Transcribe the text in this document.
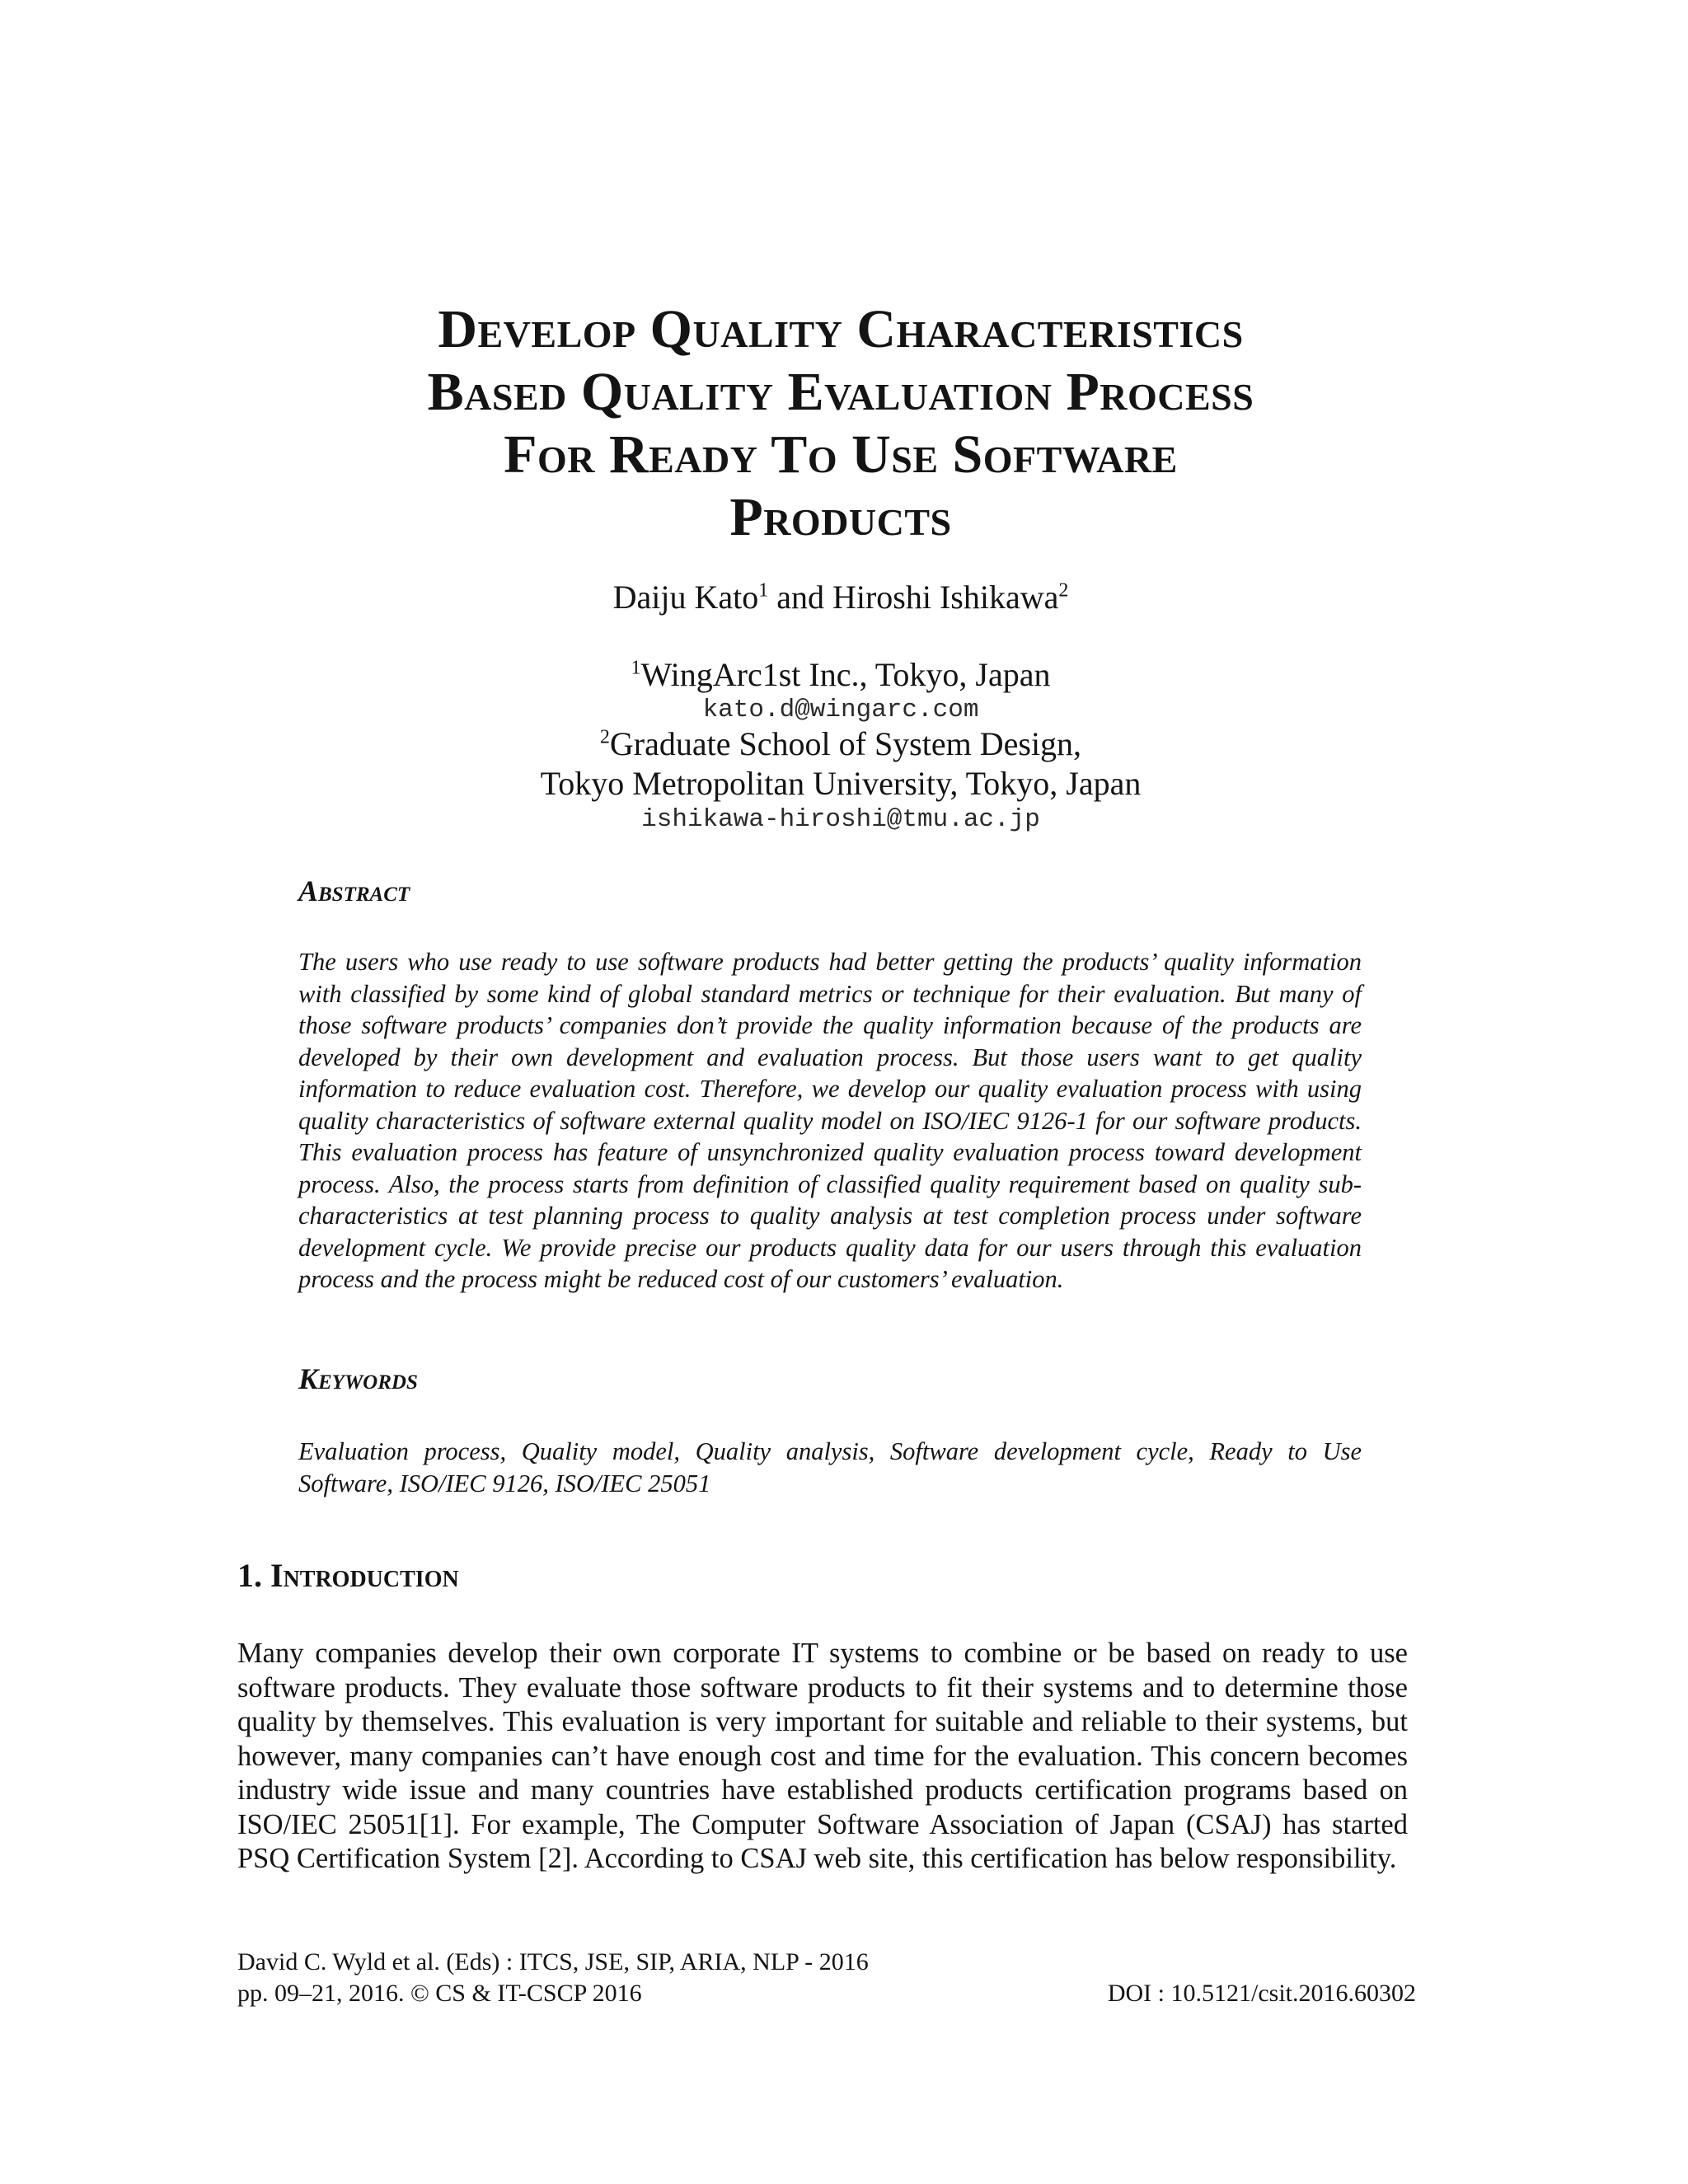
Develop Quality Characteristics
Based Quality Evaluation Process
For Ready To Use Software
Products
Daiju Kato$^1$ and Hiroshi Ishikawa$^2$
$^1$WingArc1st Inc., Tokyo, Japan
kato.d@wingarc.com
$^2$Graduate School of System Design,
Tokyo Metropolitan University, Tokyo, Japan
ishikawa-hiroshi@tmu.ac.jp
Abstract

The users who use ready to use software products had better getting the products’ quality information with classified by some kind of global standard metrics or technique for their evaluation. But many of those software products’ companies don’t provide the quality information because of the products are developed by their own development and evaluation process. But those users want to get quality information to reduce evaluation cost. Therefore, we develop our quality evaluation process with using quality characteristics of software external quality model on ISO/IEC 9126-1 for our software products. This evaluation process has feature of unsynchronized quality evaluation process toward development process. Also, the process starts from definition of classified quality requirement based on quality sub-characteristics at test planning process to quality analysis at test completion process under software development cycle. We provide precise our products quality data for our users through this evaluation process and the process might be reduced cost of our customers’ evaluation.

Keywords

Evaluation process, Quality model, Quality analysis, Software development cycle, Ready to Use Software, ISO/IEC 9126, ISO/IEC 25051

1. Introduction

Many companies develop their own corporate IT systems to combine or be based on ready to use software products. They evaluate those software products to fit their systems and to determine those quality by themselves. This evaluation is very important for suitable and reliable to their systems, but however, many companies can’t have enough cost and time for the evaluation. This concern becomes industry wide issue and many countries have established products certification programs based on ISO/IEC 25051[1]. For example, The Computer Software Association of Japan (CSAJ) has started PSQ Certification System [2]. According to CSAJ web site, this certification has below responsibility.

David C. Wyld et al. (Eds) : ITCS, JSE, SIP, ARIA, NLP - 2016
pp. 09–21, 2016. © CS & IT-CSCP 2016	DOI : 10.5121/csit.2016.60302
